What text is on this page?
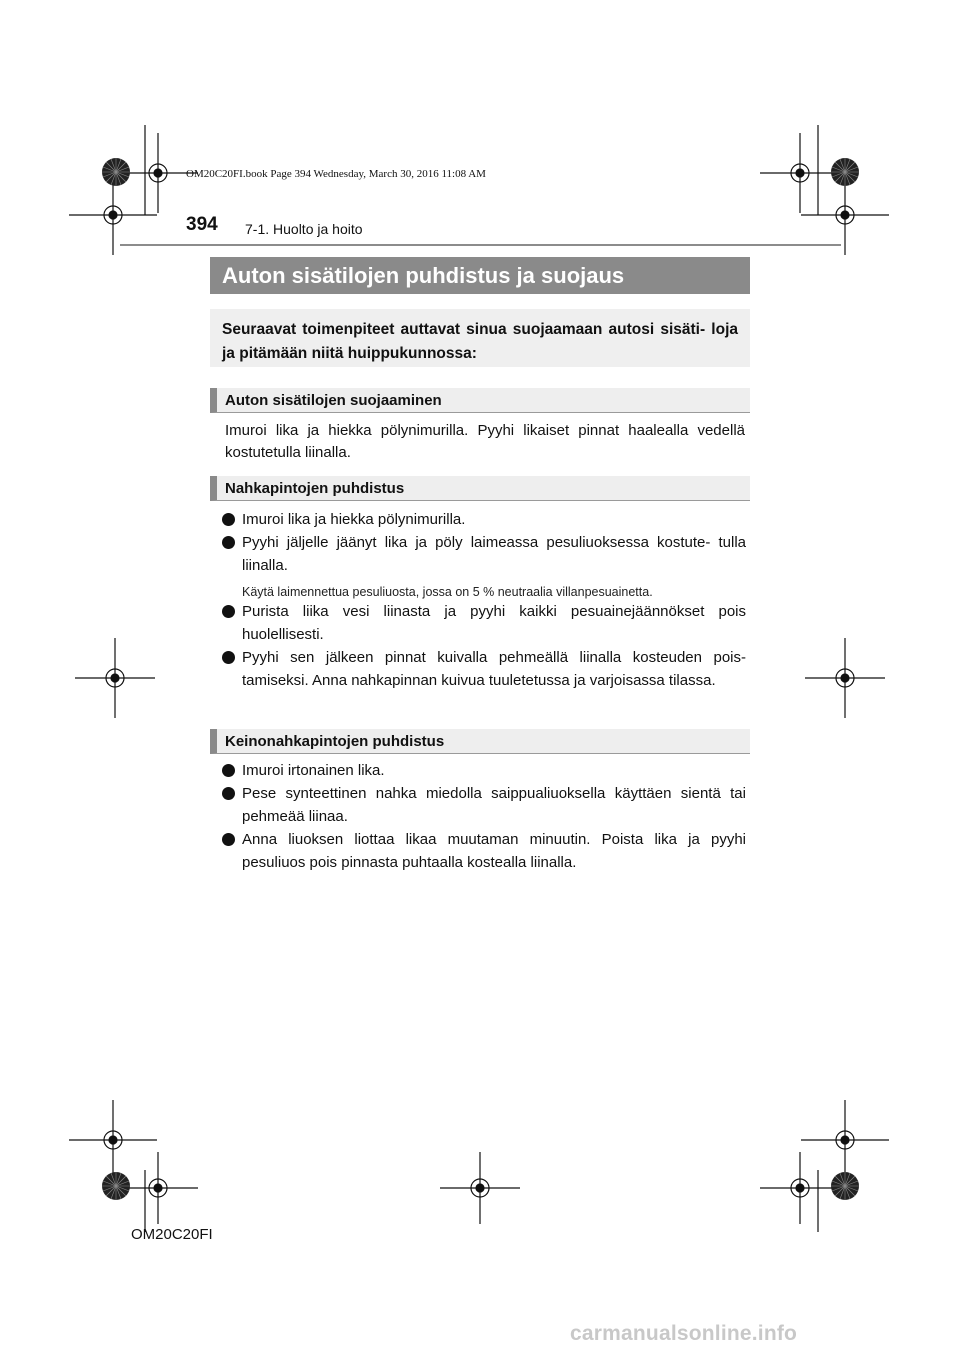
OM20C20FI.book Page 394 Wednesday, March 30, 2016 11:08 AM
394 7-1. Huolto ja hoito
Auton sisätilojen puhdistus ja suojaus
Seuraavat toimenpiteet auttavat sinua suojaamaan autosi sisäti- loja ja pitämään niitä huippukunnossa:
Auton sisätilojen suojaaminen
Imuroi lika ja hiekka pölynimurilla. Pyyhi likaiset pinnat haalealla vedellä kostutetulla liinalla.
Nahkapintojen puhdistus
Imuroi lika ja hiekka pölynimurilla.
Pyyhi jäljelle jäänyt lika ja pöly laimeassa pesuliuoksessa kostute- tulla liinalla.
Käytä laimennettua pesuliuosta, jossa on 5 % neutraalia villanpesuainetta.
Purista liika vesi liinasta ja pyyhi kaikki pesuainejäännökset pois huolellisesti.
Pyyhi sen jälkeen pinnat kuivalla pehmeällä liinalla kosteuden pois- tamiseksi. Anna nahkapinnan kuivua tuuletetussa ja varjoisassa tilassa.
Keinonahkapintojen puhdistus
Imuroi irtonainen lika.
Pese synteettinen nahka miedolla saippualiuoksella käyttäen sientä tai pehmeää liinaa.
Anna liuoksen liottaa likaa muutaman minuutin. Poista lika ja pyyhi pesuliuos pois pinnasta puhtaalla kostealla liinalla.
OM20C20FI
carmanualsonline.info
